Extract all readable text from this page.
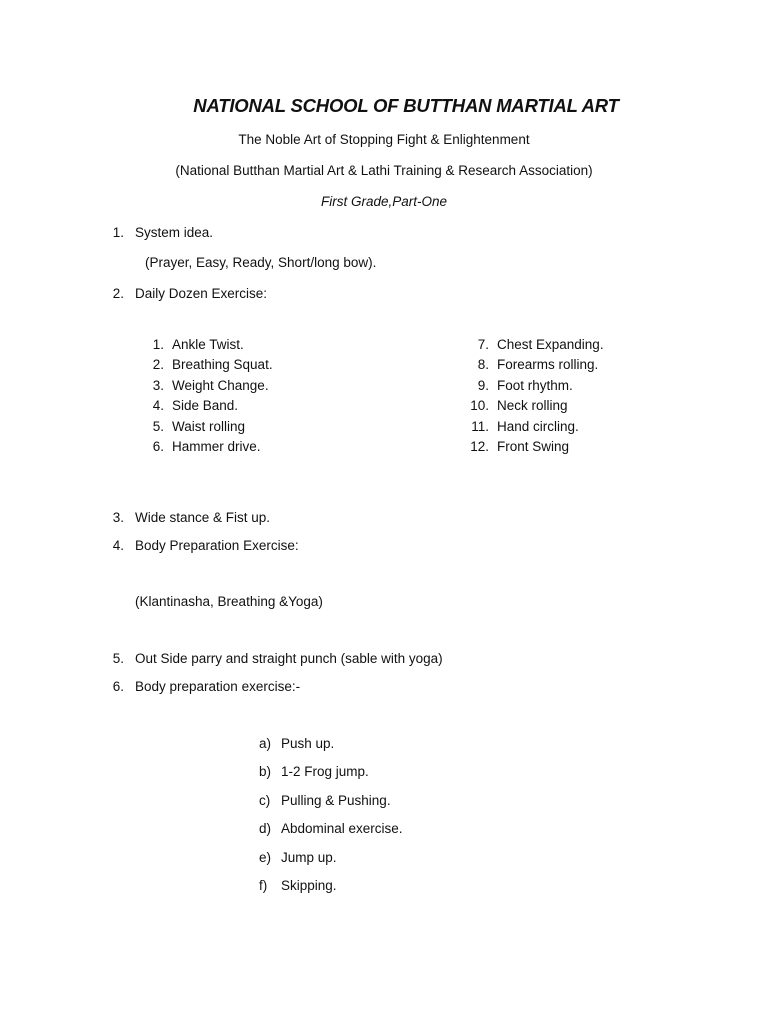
NATIONAL SCHOOL OF BUTTHAN MARTIAL ART
The Noble Art of Stopping Fight & Enlightenment
(National Butthan Martial Art & Lathi Training & Research Association)
First Grade,Part-One
1. System idea.
(Prayer, Easy, Ready, Short/long bow).
2. Daily Dozen Exercise:
1. Ankle Twist.
2. Breathing Squat.
3. Weight Change.
4. Side Band.
5. Waist rolling
6. Hammer drive.
7. Chest Expanding.
8. Forearms rolling.
9. Foot rhythm.
10. Neck rolling
11. Hand circling.
12. Front Swing
3. Wide stance & Fist up.
4. Body Preparation Exercise:
(Klantinasha, Breathing &Yoga)
5. Out Side parry and straight punch (sable with yoga)
6. Body preparation exercise:-
a) Push up.
b) 1-2 Frog jump.
c) Pulling & Pushing.
d) Abdominal exercise.
e) Jump up.
f)	Skipping.
